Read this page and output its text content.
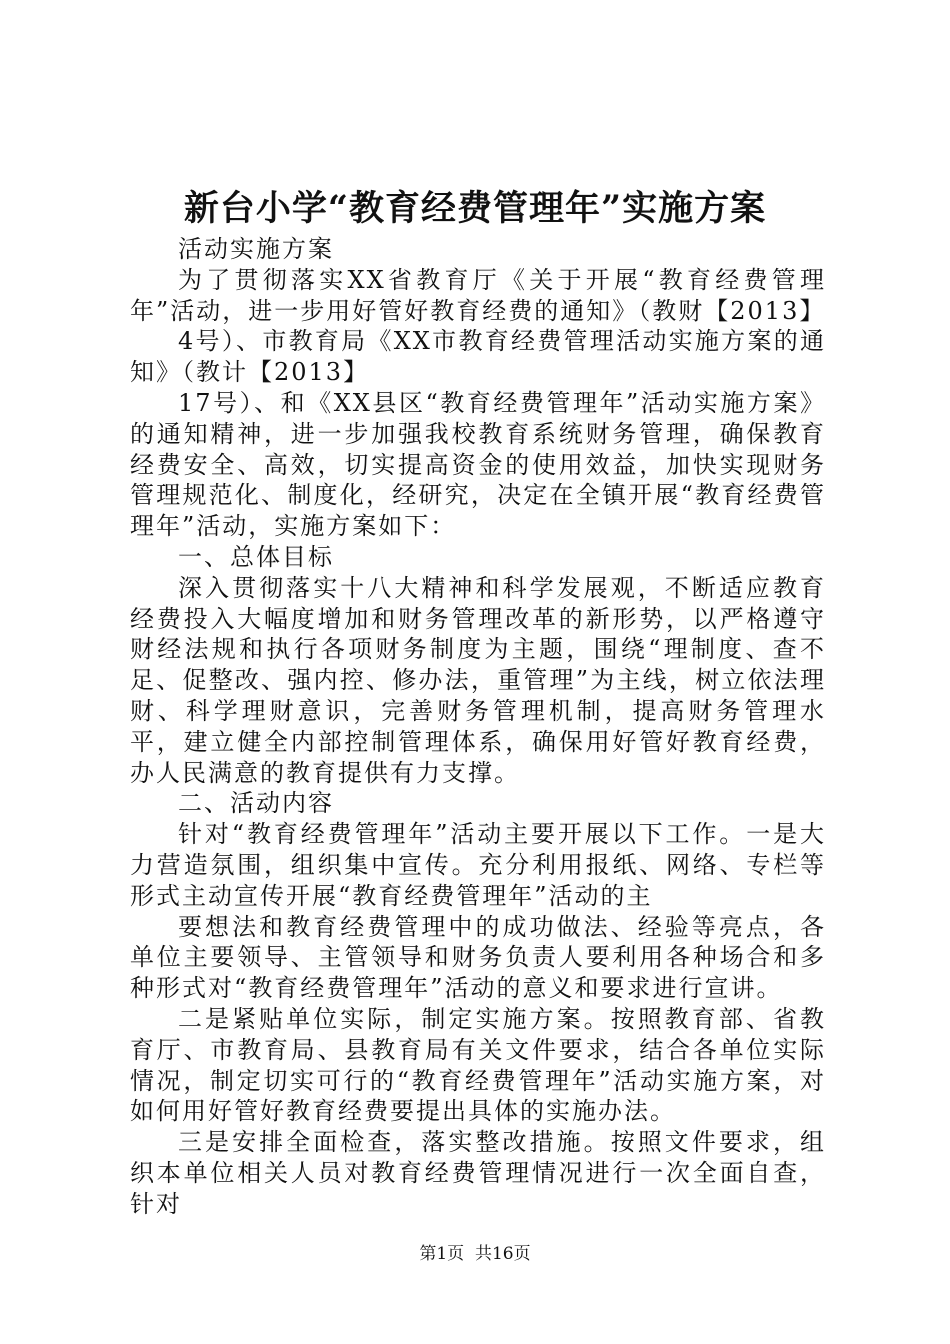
新台小学“教育经费管理年”实施方案

活动实施方案

为了贯彻落实XX省教育厅《关于开展“教育经费管理年”活动，进一步用好管好教育经费的通知》（教财【2013】

4号）、市教育局《XX市教育经费管理活动实施方案的通知》（教计【2013】

17号）、和《XX县区“教育经费管理年”活动实施方案》的通知精神，进一步加强我校教育系统财务管理，确保教育经费安全、高效，切实提高资金的使用效益，加快实现财务管理规范化、制度化，经研究，决定在全镇开展“教育经费管理年”活动，实施方案如下：

一、总体目标

深入贯彻落实十八大精神和科学发展观，不断适应教育经费投入大幅度增加和财务管理改革的新形势，以严格遵守财经法规和执行各项财务制度为主题，围绕“理制度、查不足、促整改、强内控、修办法，重管理”为主线，树立依法理财、科学理财意识，完善财务管理机制，提高财务管理水平，建立健全内部控制管理体系，确保用好管好教育经费，办人民满意的教育提供有力支撑。

二、活动内容

针对“教育经费管理年”活动主要开展以下工作。一是大力营造氛围，组织集中宣传。充分利用报纸、网络、专栏等形式主动宣传开展“教育经费管理年”活动的主

要想法和教育经费管理中的成功做法、经验等亮点，各单位主要领导、主管领导和财务负责人要利用各种场合和多种形式对“教育经费管理年”活动的意义和要求进行宣讲。

二是紧贴单位实际，制定实施方案。按照教育部、省教育厅、市教育局、县教育局有关文件要求，结合各单位实际情况，制定切实可行的“教育经费管理年”活动实施方案，对如何用好管好教育经费要提出具体的实施办法。

三是安排全面检查，落实整改措施。按照文件要求，组织本单位相关人员对教育经费管理情况进行一次全面自查，针对

第1页  共16页
